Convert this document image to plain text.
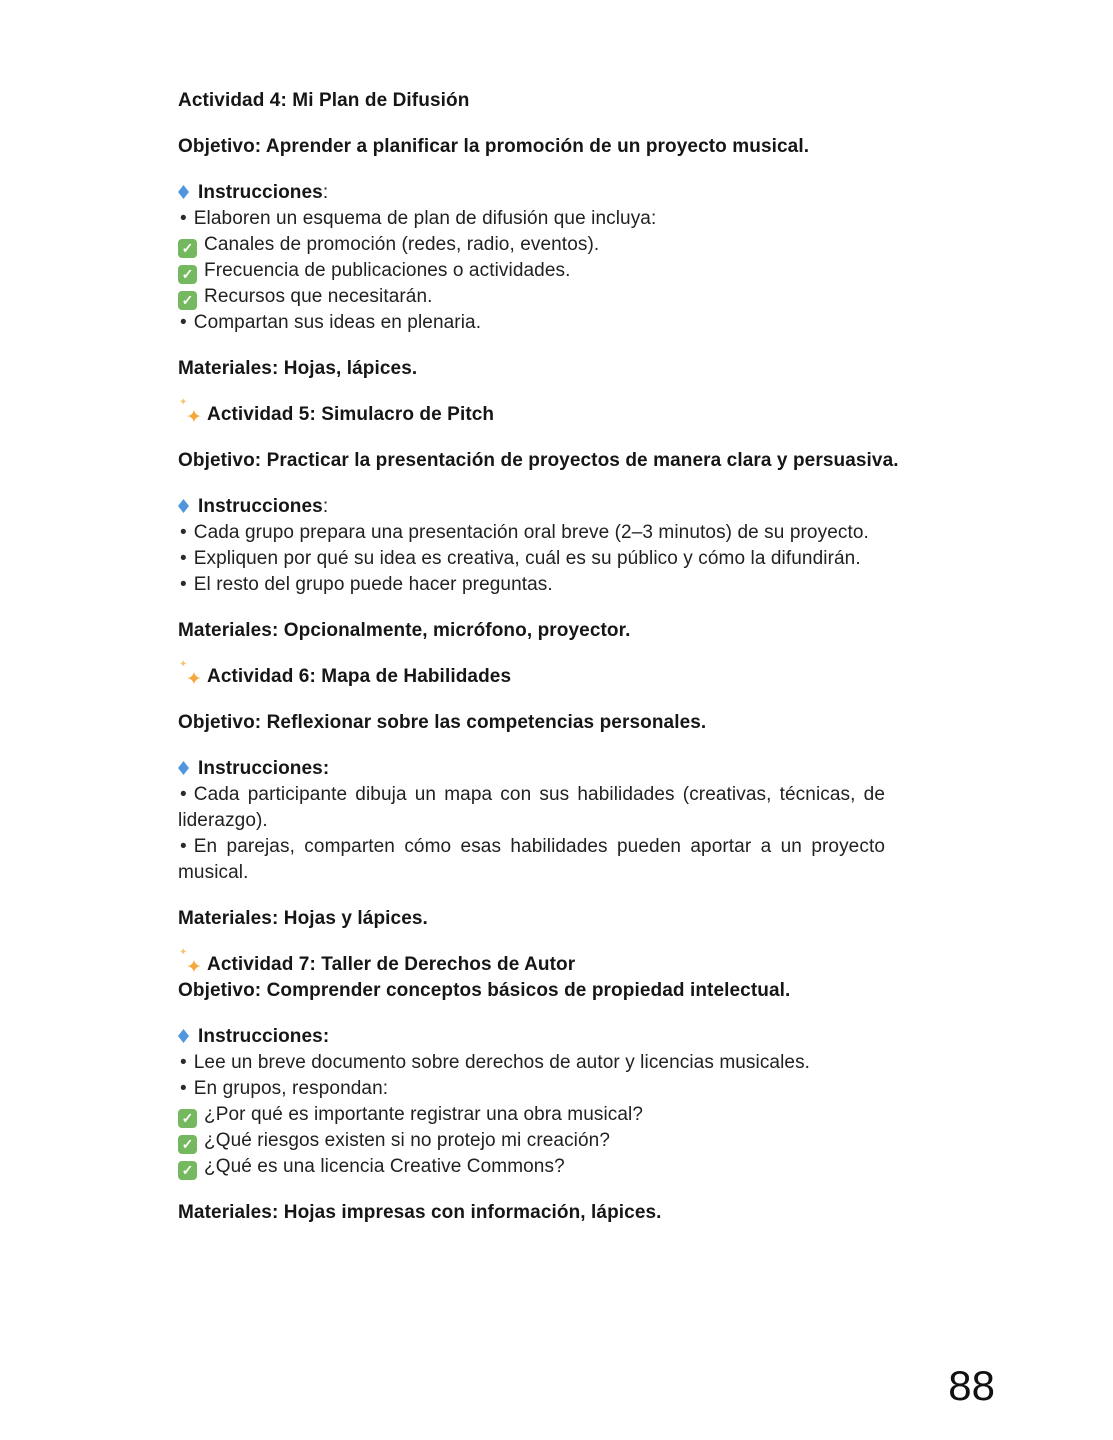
Actividad 4: Mi Plan de Difusión
Objetivo: Aprender a planificar la promoción de un proyecto musical.
Instrucciones:
• Elaboren un esquema de plan de difusión que incluya:
✓ Canales de promoción (redes, radio, eventos).
✓ Frecuencia de publicaciones o actividades.
✓ Recursos que necesitarán.
• Compartan sus ideas en plenaria.
Materiales: Hojas, lápices.
✦
✦
Actividad 5: Simulacro de Pitch
Objetivo: Practicar la presentación de proyectos de manera clara y persuasiva.
Instrucciones:
• Cada grupo prepara una presentación oral breve (2–3 minutos) de su proyecto.
• Expliquen por qué su idea es creativa, cuál es su público y cómo la difundirán.
• El resto del grupo puede hacer preguntas.
Materiales: Opcionalmente, micrófono, proyector.
✦
✦
Actividad 6: Mapa de Habilidades
Objetivo: Reflexionar sobre las competencias personales.
Instrucciones:
• Cada participante dibuja un mapa con sus habilidades (creativas, técnicas, de
liderazgo).
• En parejas, comparten cómo esas habilidades pueden aportar a un proyecto
musical.
Materiales: Hojas y lápices.
✦
✦
Actividad 7: Taller de Derechos de Autor
Objetivo: Comprender conceptos básicos de propiedad intelectual.
Instrucciones:
• Lee un breve documento sobre derechos de autor y licencias musicales.
• En grupos, respondan:
✓ ¿Por qué es importante registrar una obra musical?
✓ ¿Qué riesgos existen si no protejo mi creación?
✓ ¿Qué es una licencia Creative Commons?
Materiales: Hojas impresas con información, lápices.
88
